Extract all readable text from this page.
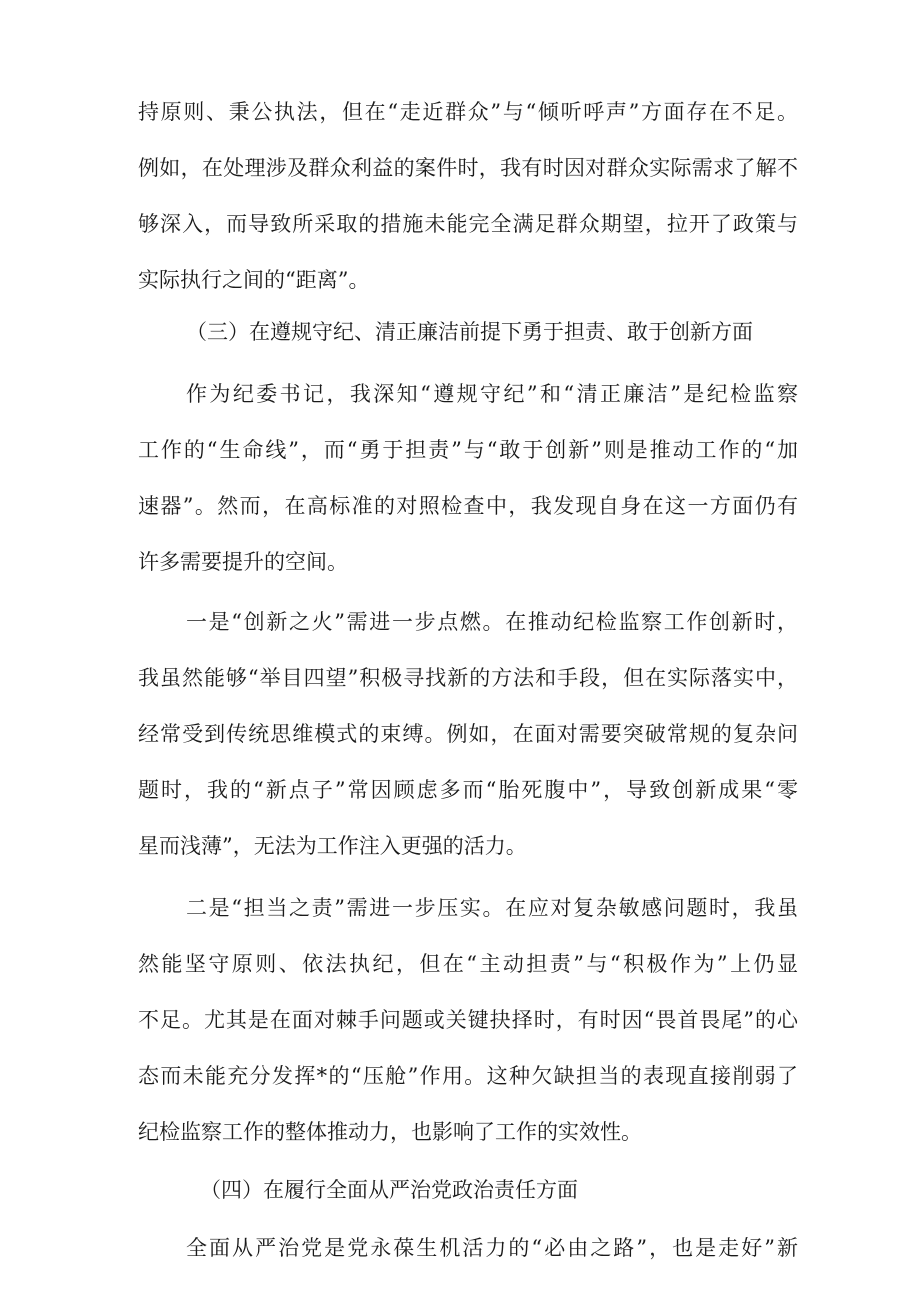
持原则、秉公执法，但在“走近群众”与“倾听呼声”方面存在不足。
例如，在处理涉及群众利益的案件时，我有时因对群众实际需求了解不
够深入，而导致所采取的措施未能完全满足群众期望，拉开了政策与
实际执行之间的“距离”。
（三）在遵规守纪、清正廉洁前提下勇于担责、敢于创新方面
作为纪委书记，我深知“遵规守纪”和“清正廉洁”是纪检监察
工作的“生命线”，而“勇于担责”与“敢于创新”则是推动工作的“加
速器”。然而，在高标准的对照检查中，我发现自身在这一方面仍有
许多需要提升的空间。
一是“创新之火”需进一步点燃。在推动纪检监察工作创新时，
我虽然能够“举目四望”积极寻找新的方法和手段，但在实际落实中，
经常受到传统思维模式的束缚。例如，在面对需要突破常规的复杂问
题时，我的“新点子”常因顾虑多而“胎死腹中”，导致创新成果“零
星而浅薄”，无法为工作注入更强的活力。
二是“担当之责”需进一步压实。在应对复杂敏感问题时，我虽
然能坚守原则、依法执纪，但在“主动担责”与“积极作为”上仍显
不足。尤其是在面对棘手问题或关键抉择时，有时因“畏首畏尾”的心
态而未能充分发挥*的“压舱”作用。这种欠缺担当的表现直接削弱了
纪检监察工作的整体推动力，也影响了工作的实效性。
（四）在履行全面从严治党政治责任方面
全面从严治党是党永葆生机活力的“必由之路”，也是走好”新
